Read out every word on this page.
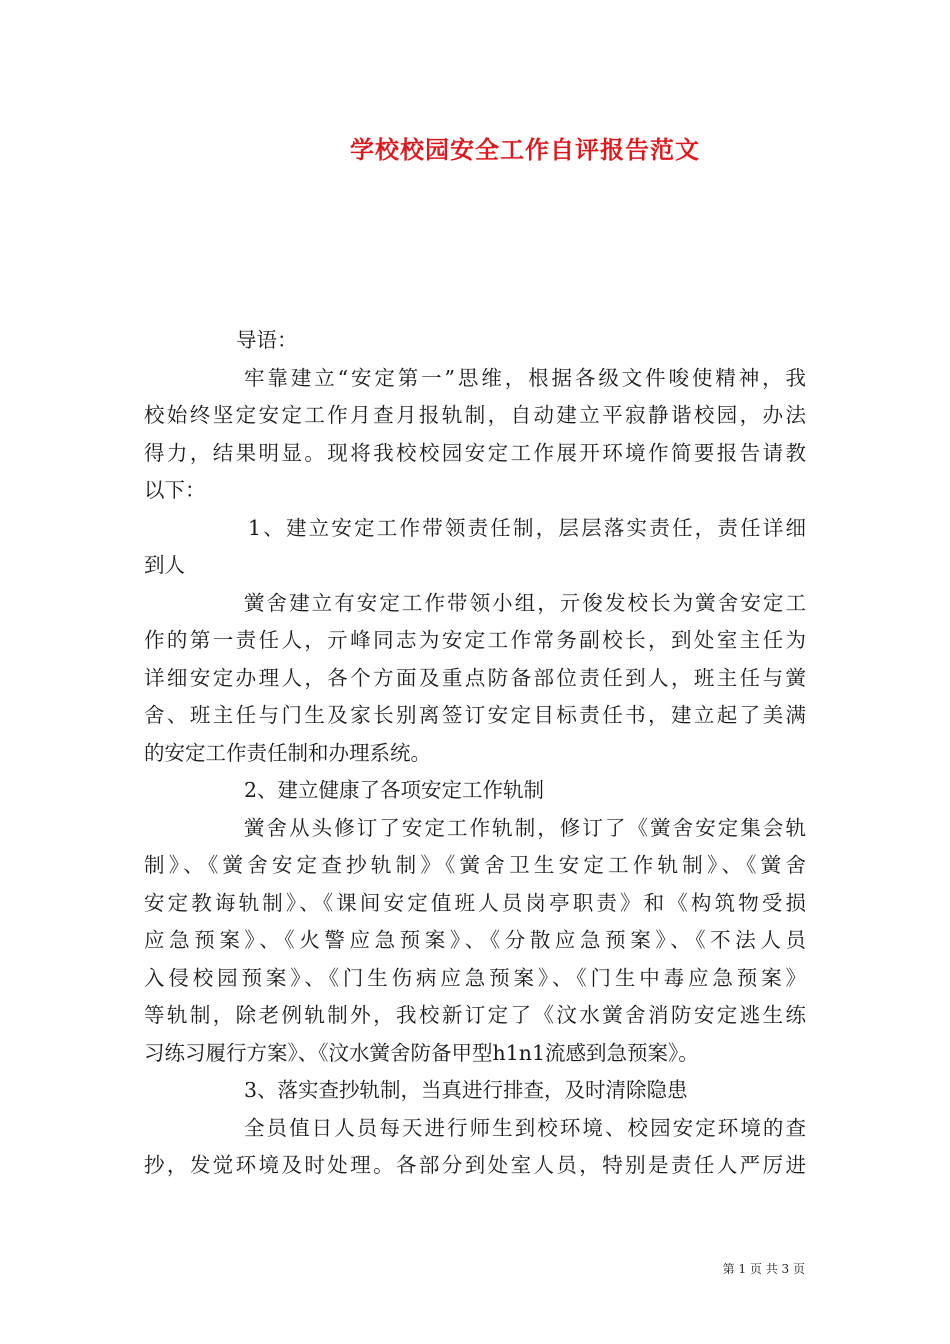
学校校园安全工作自评报告范文
导语：
牢靠建立“安定第一”思维，根据各级文件唆使精神，我
校始终坚定安定工作月查月报轨制，自动建立平寂静谐校园，办法
得力，结果明显。现将我校校园安定工作展开环境作简要报告请教
以下：
1、建立安定工作带领责任制，层层落实责任，责任详细
到人
黉舍建立有安定工作带领小组，亓俊发校长为黉舍安定工
作的第一责任人，亓峰同志为安定工作常务副校长，到处室主任为
详细安定办理人，各个方面及重点防备部位责任到人，班主任与黉
舍、班主任与门生及家长别离签订安定目标责任书，建立起了美满
的安定工作责任制和办理系统。
2、建立健康了各项安定工作轨制
黉舍从头修订了安定工作轨制，修订了《黉舍安定集会轨
制》、《黉舍安定查抄轨制》《黉舍卫生安定工作轨制》、《黉舍
安定教诲轨制》、《课间安定值班人员岗亭职责》和《构筑物受损
应急预案》、《火警应急预案》、《分散应急预案》、《不法人员
入侵校园预案》、《门生伤病应急预案》、《门生中毒应急预案》
等轨制，除老例轨制外，我校新订定了《汶水黉舍消防安定逃生练
习练习履行方案》、《汶水黉舍防备甲型h1n1流感到急预案》。
3、落实查抄轨制，当真进行排查，及时清除隐患
全员值日人员每天进行师生到校环境、校园安定环境的查
抄，发觉环境及时处理。各部分到处室人员，特别是责任人严厉进
第 1 页 共 3 页
